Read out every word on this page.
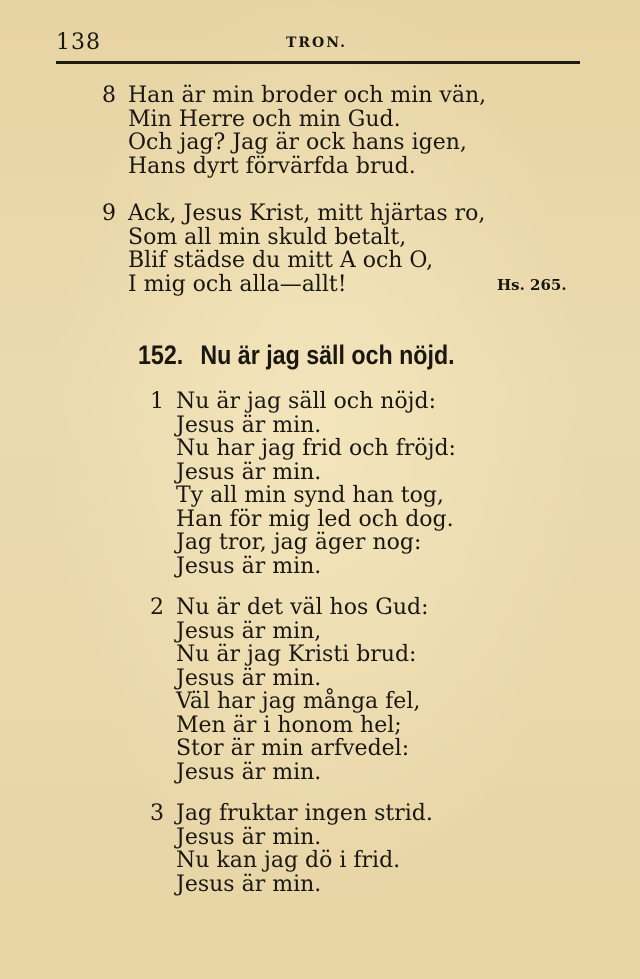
138	TRON.
8 Han är min broder och min vän,
Min Herre och min Gud.
Och jag? Jag är ock hans igen,
Hans dyrt förvärfda brud.
9 Ack, Jesus Krist, mitt hjärtas ro,
Som all min skuld betalt,
Blif städse du mitt A och O,
I mig och alla—allt!	Hs. 265.
152. Nu är jag säll och nöjd.
1 Nu är jag säll och nöjd:
Jesus är min.
Nu har jag frid och fröjd:
Jesus är min.
Ty all min synd han tog,
Han för mig led och dog.
Jag tror, jag äger nog:
Jesus är min.
2 Nu är det väl hos Gud:
Jesus är min,
Nu är jag Kristi brud:
Jesus är min.
Väl har jag många fel,
Men är i honom hel;
Stor är min arfvedel:
Jesus är min.
3 Jag fruktar ingen strid.
Jesus är min.
Nu kan jag dö i frid.
Jesus är min.
